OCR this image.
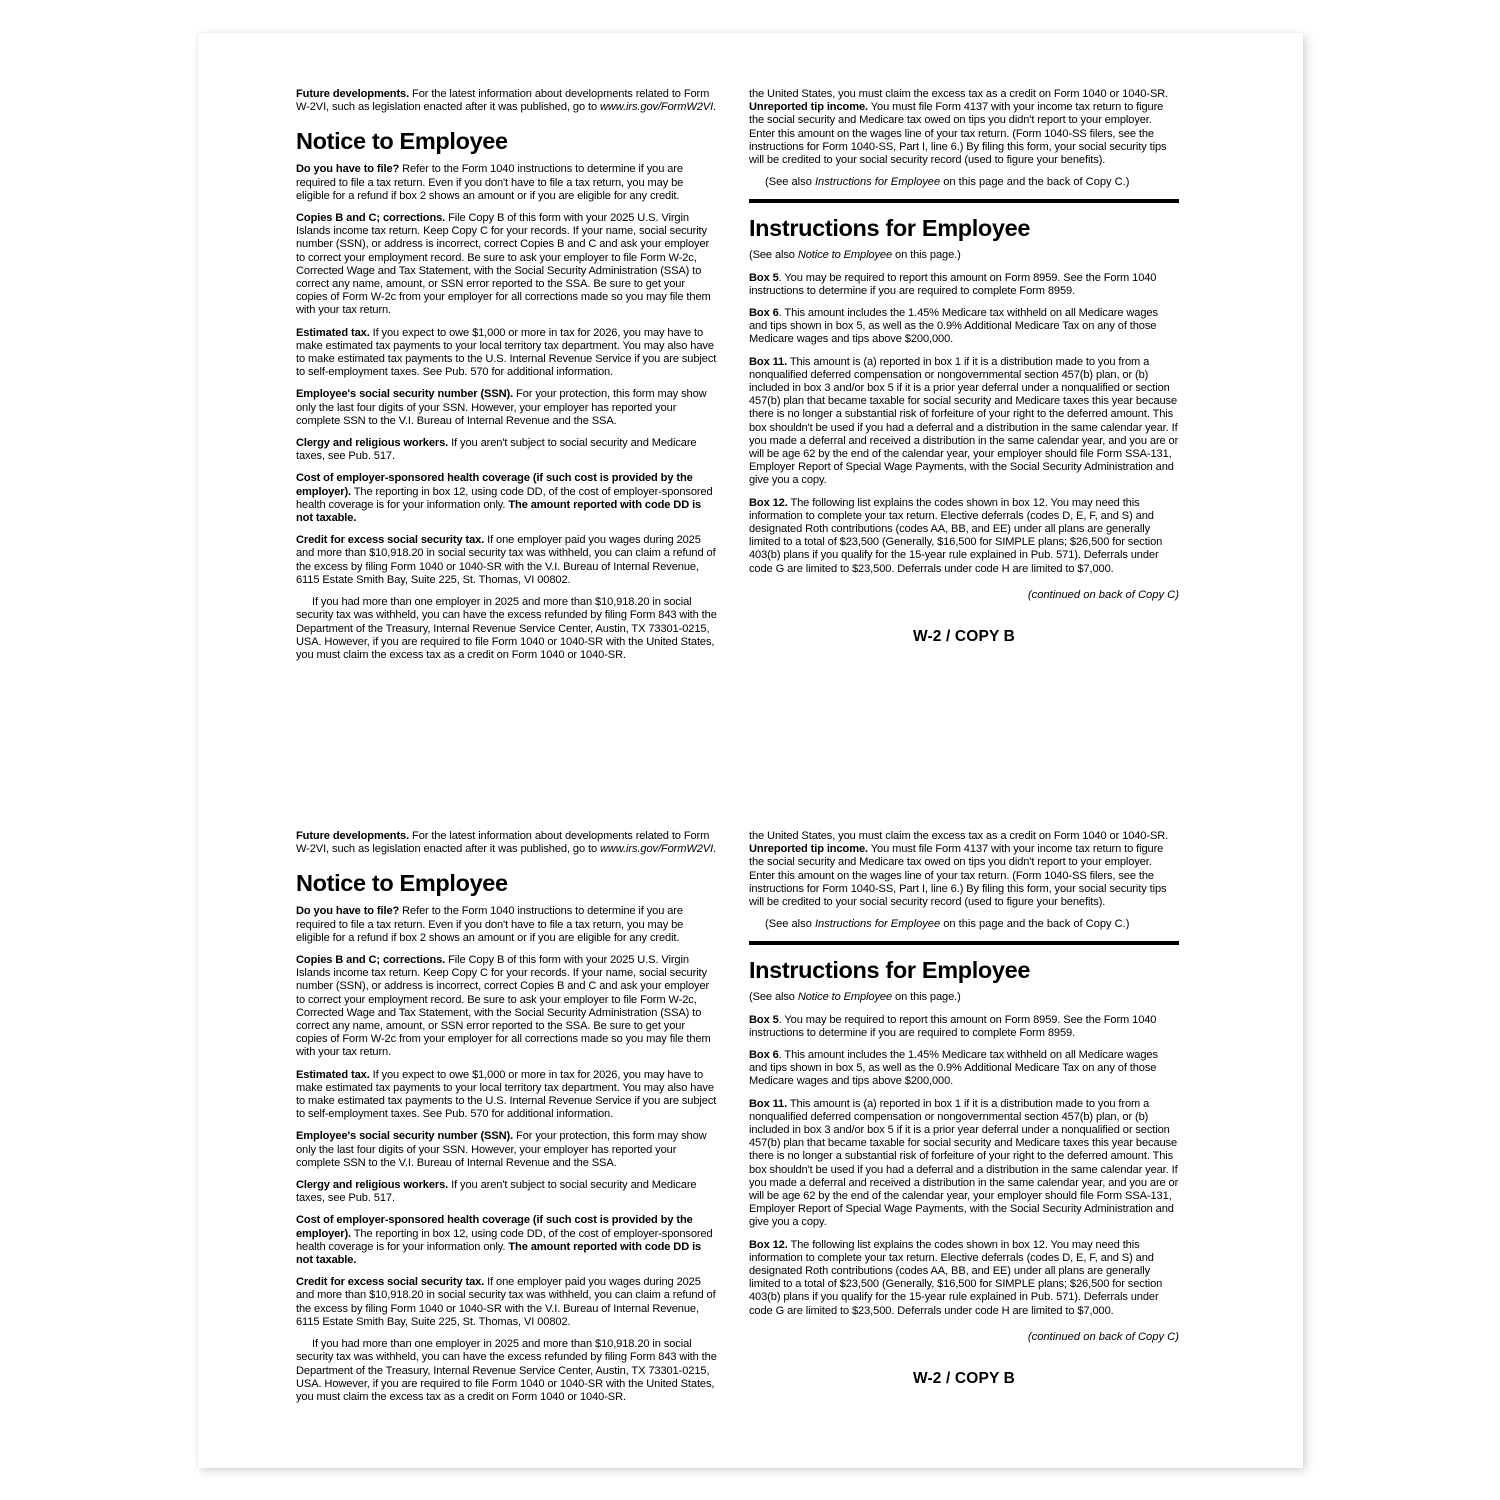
Future developments. For the latest information about developments related to Form W-2VI, such as legislation enacted after it was published, go to www.irs.gov/FormW2VI.

Notice to Employee

Do you have to file? Refer to the Form 1040 instructions to determine if you are required to file a tax return. Even if you don't have to file a tax return, you may be eligible for a refund if box 2 shows an amount or if you are eligible for any credit.

Copies B and C; corrections. File Copy B of this form with your 2025 U.S. Virgin Islands income tax return. Keep Copy C for your records. If your name, social security number (SSN), or address is incorrect, correct Copies B and C and ask your employer to correct your employment record. Be sure to ask your employer to file Form W-2c, Corrected Wage and Tax Statement, with the Social Security Administration (SSA) to correct any name, amount, or SSN error reported to the SSA. Be sure to get your copies of Form W-2c from your employer for all corrections made so you may file them with your tax return.

Estimated tax. If you expect to owe $1,000 or more in tax for 2026, you may have to make estimated tax payments to your local territory tax department. You may also have to make estimated tax payments to the U.S. Internal Revenue Service if you are subject to self-employment taxes. See Pub. 570 for additional information.

Employee's social security number (SSN). For your protection, this form may show only the last four digits of your SSN. However, your employer has reported your complete SSN to the V.I. Bureau of Internal Revenue and the SSA.

Clergy and religious workers. If you aren't subject to social security and Medicare taxes, see Pub. 517.

Cost of employer-sponsored health coverage (if such cost is provided by the employer). The reporting in box 12, using code DD, of the cost of employer-sponsored health coverage is for your information only. The amount reported with code DD is not taxable.

Credit for excess social security tax. If one employer paid you wages during 2025 and more than $10,918.20 in social security tax was withheld, you can claim a refund of the excess by filing Form 1040 or 1040-SR with the V.I. Bureau of Internal Revenue, 6115 Estate Smith Bay, Suite 225, St. Thomas, VI 00802.

If you had more than one employer in 2025 and more than $10,918.20 in social security tax was withheld, you can have the excess refunded by filing Form 843 with the Department of the Treasury, Internal Revenue Service Center, Austin, TX 73301-0215, USA. However, if you are required to file Form 1040 or 1040-SR with the United States, you must claim the excess tax as a credit on Form 1040 or 1040-SR.

the United States, you must claim the excess tax as a credit on Form 1040 or 1040-SR.

Unreported tip income. You must file Form 4137 with your income tax return to figure the social security and Medicare tax owed on tips you didn't report to your employer. Enter this amount on the wages line of your tax return. (Form 1040-SS filers, see the instructions for Form 1040-SS, Part I, line 6.) By filing this form, your social security tips will be credited to your social security record (used to figure your benefits).

(See also Instructions for Employee on this page and the back of Copy C.)

Instructions for Employee

(See also Notice to Employee on this page.)

Box 5. You may be required to report this amount on Form 8959. See the Form 1040 instructions to determine if you are required to complete Form 8959.

Box 6. This amount includes the 1.45% Medicare tax withheld on all Medicare wages and tips shown in box 5, as well as the 0.9% Additional Medicare Tax on any of those Medicare wages and tips above $200,000.

Box 11. This amount is (a) reported in box 1 if it is a distribution made to you from a nonqualified deferred compensation or nongovernmental section 457(b) plan, or (b) included in box 3 and/or box 5 if it is a prior year deferral under a nonqualified or section 457(b) plan that became taxable for social security and Medicare taxes this year because there is no longer a substantial risk of forfeiture of your right to the deferred amount. This box shouldn't be used if you had a deferral and a distribution in the same calendar year. If you made a deferral and received a distribution in the same calendar year, and you are or will be age 62 by the end of the calendar year, your employer should file Form SSA-131, Employer Report of Special Wage Payments, with the Social Security Administration and give you a copy.

Box 12. The following list explains the codes shown in box 12. You may need this information to complete your tax return. Elective deferrals (codes D, E, F, and S) and designated Roth contributions (codes AA, BB, and EE) under all plans are generally limited to a total of $23,500 (Generally, $16,500 for SIMPLE plans; $26,500 for section 403(b) plans if you qualify for the 15-year rule explained in Pub. 571). Deferrals under code G are limited to $23,500. Deferrals under code H are limited to $7,000.

(continued on back of Copy C)

W-2 / COPY B

Future developments. For the latest information about developments related to Form W-2VI, such as legislation enacted after it was published, go to www.irs.gov/FormW2VI.

Notice to Employee

Do you have to file? Refer to the Form 1040 instructions to determine if you are required to file a tax return. Even if you don't have to file a tax return, you may be eligible for a refund if box 2 shows an amount or if you are eligible for any credit.

Copies B and C; corrections. File Copy B of this form with your 2025 U.S. Virgin Islands income tax return. Keep Copy C for your records. If your name, social security number (SSN), or address is incorrect, correct Copies B and C and ask your employer to correct your employment record. Be sure to ask your employer to file Form W-2c, Corrected Wage and Tax Statement, with the Social Security Administration (SSA) to correct any name, amount, or SSN error reported to the SSA. Be sure to get your copies of Form W-2c from your employer for all corrections made so you may file them with your tax return.

Estimated tax. If you expect to owe $1,000 or more in tax for 2026, you may have to make estimated tax payments to your local territory tax department. You may also have to make estimated tax payments to the U.S. Internal Revenue Service if you are subject to self-employment taxes. See Pub. 570 for additional information.

Employee's social security number (SSN). For your protection, this form may show only the last four digits of your SSN. However, your employer has reported your complete SSN to the V.I. Bureau of Internal Revenue and the SSA.

Clergy and religious workers. If you aren't subject to social security and Medicare taxes, see Pub. 517.

Cost of employer-sponsored health coverage (if such cost is provided by the employer). The reporting in box 12, using code DD, of the cost of employer-sponsored health coverage is for your information only. The amount reported with code DD is not taxable.

Credit for excess social security tax. If one employer paid you wages during 2025 and more than $10,918.20 in social security tax was withheld, you can claim a refund of the excess by filing Form 1040 or 1040-SR with the V.I. Bureau of Internal Revenue, 6115 Estate Smith Bay, Suite 225, St. Thomas, VI 00802.

If you had more than one employer in 2025 and more than $10,918.20 in social security tax was withheld, you can have the excess refunded by filing Form 843 with the Department of the Treasury, Internal Revenue Service Center, Austin, TX 73301-0215, USA. However, if you are required to file Form 1040 or 1040-SR with the United States, you must claim the excess tax as a credit on Form 1040 or 1040-SR.

the United States, you must claim the excess tax as a credit on Form 1040 or 1040-SR.

Unreported tip income. You must file Form 4137 with your income tax return to figure the social security and Medicare tax owed on tips you didn't report to your employer. Enter this amount on the wages line of your tax return. (Form 1040-SS filers, see the instructions for Form 1040-SS, Part I, line 6.) By filing this form, your social security tips will be credited to your social security record (used to figure your benefits).

(See also Instructions for Employee on this page and the back of Copy C.)

Instructions for Employee

(See also Notice to Employee on this page.)

Box 5. You may be required to report this amount on Form 8959. See the Form 1040 instructions to determine if you are required to complete Form 8959.

Box 6. This amount includes the 1.45% Medicare tax withheld on all Medicare wages and tips shown in box 5, as well as the 0.9% Additional Medicare Tax on any of those Medicare wages and tips above $200,000.

Box 11. This amount is (a) reported in box 1 if it is a distribution made to you from a nonqualified deferred compensation or nongovernmental section 457(b) plan, or (b) included in box 3 and/or box 5 if it is a prior year deferral under a nonqualified or section 457(b) plan that became taxable for social security and Medicare taxes this year because there is no longer a substantial risk of forfeiture of your right to the deferred amount. This box shouldn't be used if you had a deferral and a distribution in the same calendar year. If you made a deferral and received a distribution in the same calendar year, and you are or will be age 62 by the end of the calendar year, your employer should file Form SSA-131, Employer Report of Special Wage Payments, with the Social Security Administration and give you a copy.

Box 12. The following list explains the codes shown in box 12. You may need this information to complete your tax return. Elective deferrals (codes D, E, F, and S) and designated Roth contributions (codes AA, BB, and EE) under all plans are generally limited to a total of $23,500 (Generally, $16,500 for SIMPLE plans; $26,500 for section 403(b) plans if you qualify for the 15-year rule explained in Pub. 571). Deferrals under code G are limited to $23,500. Deferrals under code H are limited to $7,000.

(continued on back of Copy C)

W-2 / COPY B
